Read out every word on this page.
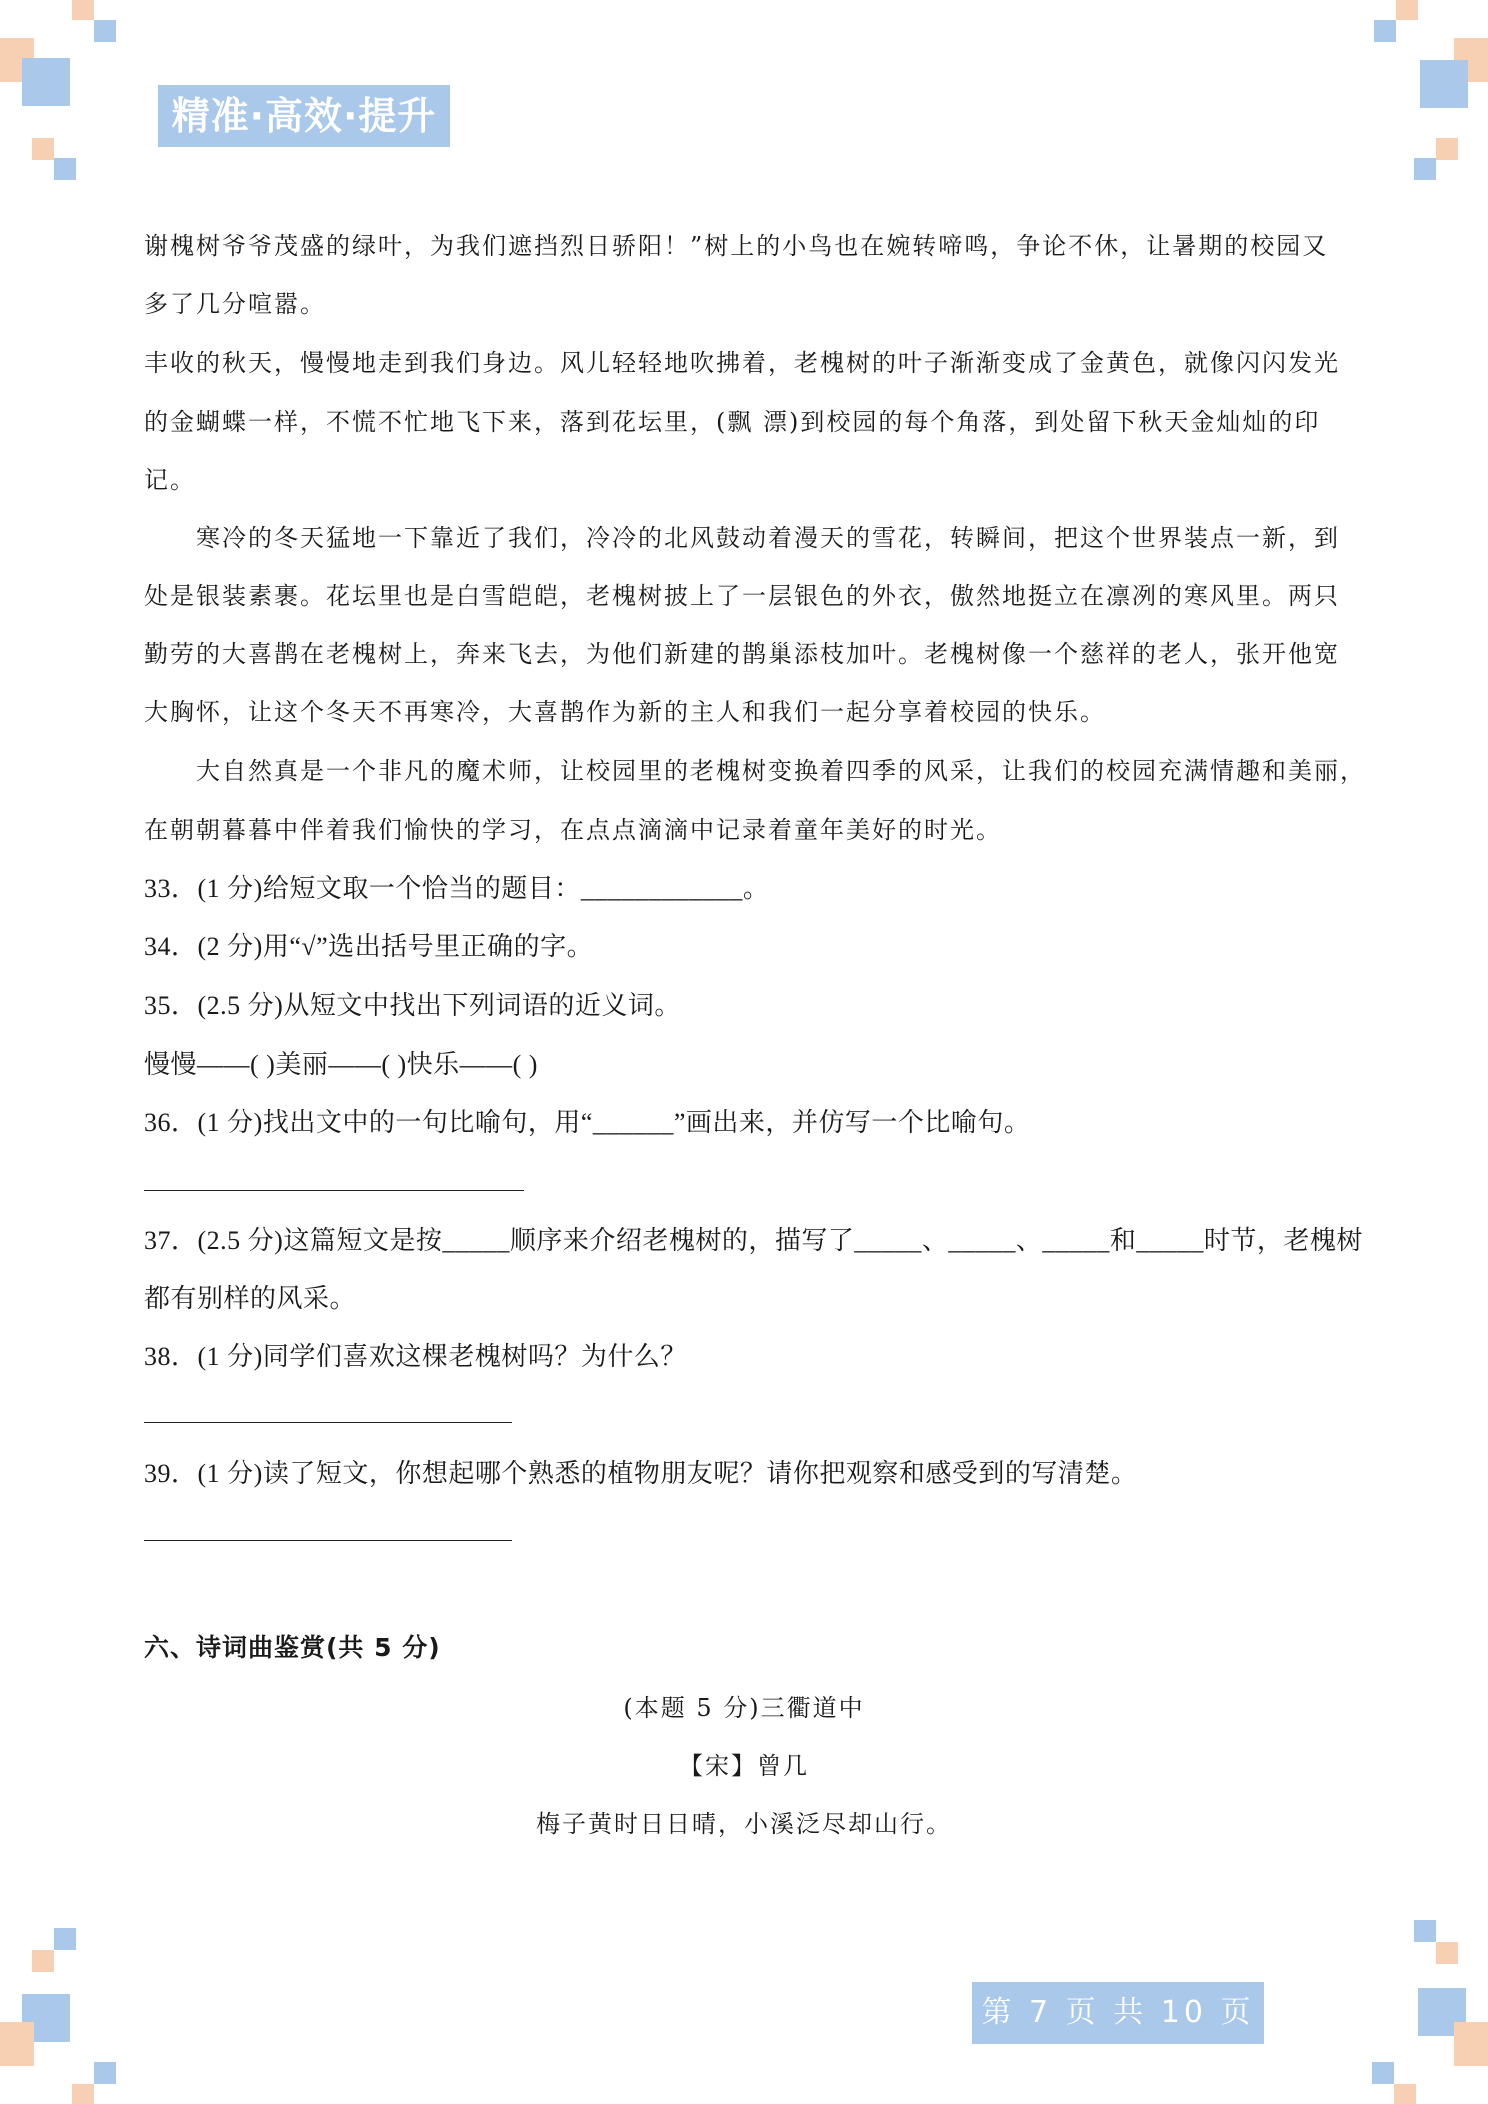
精准·高效·提升
谢槐树爷爷茂盛的绿叶，为我们遮挡烈日骄阳！”树上的小鸟也在婉转啼鸣，争论不休，让暑期的校园又
多了几分喧嚣。
丰收的秋天，慢慢地走到我们身边。风儿轻轻地吹拂着，老槐树的叶子渐渐变成了金黄色，就像闪闪发光
的金蝴蝶一样，不慌不忙地飞下来，落到花坛里，(飘 漂)到校园的每个角落，到处留下秋天金灿灿的印
记。
寒冷的冬天猛地一下靠近了我们，冷冷的北风鼓动着漫天的雪花，转瞬间，把这个世界装点一新，到
处是银装素裹。花坛里也是白雪皑皑，老槐树披上了一层银色的外衣，傲然地挺立在凛冽的寒风里。两只
勤劳的大喜鹊在老槐树上，奔来飞去，为他们新建的鹊巢添枝加叶。老槐树像一个慈祥的老人，张开他宽
大胸怀，让这个冬天不再寒冷，大喜鹊作为新的主人和我们一起分享着校园的快乐。
大自然真是一个非凡的魔术师，让校园里的老槐树变换着四季的风采，让我们的校园充满情趣和美丽，
在朝朝暮暮中伴着我们愉快的学习，在点点滴滴中记录着童年美好的时光。
33．(1 分)给短文取一个恰当的题目：____________。
34．(2 分)用“√”选出括号里正确的字。
35．(2.5 分)从短文中找出下列词语的近义词。
慢慢——( )美丽——( )快乐——( )
36．(1 分)找出文中的一句比喻句，用“______”画出来，并仿写一个比喻句。
37．(2.5 分)这篇短文是按_____顺序来介绍老槐树的，描写了_____、_____、_____和_____时节，老槐树
都有别样的风采。
38．(1 分)同学们喜欢这棵老槐树吗？为什么？
39．(1 分)读了短文，你想起哪个熟悉的植物朋友呢？请你把观察和感受到的写清楚。
六、诗词曲鉴赏(共 5 分)
(本题 5 分)三衢道中
【宋】曾几
梅子黄时日日晴，小溪泛尽却山行。
第 7 页 共 10 页
